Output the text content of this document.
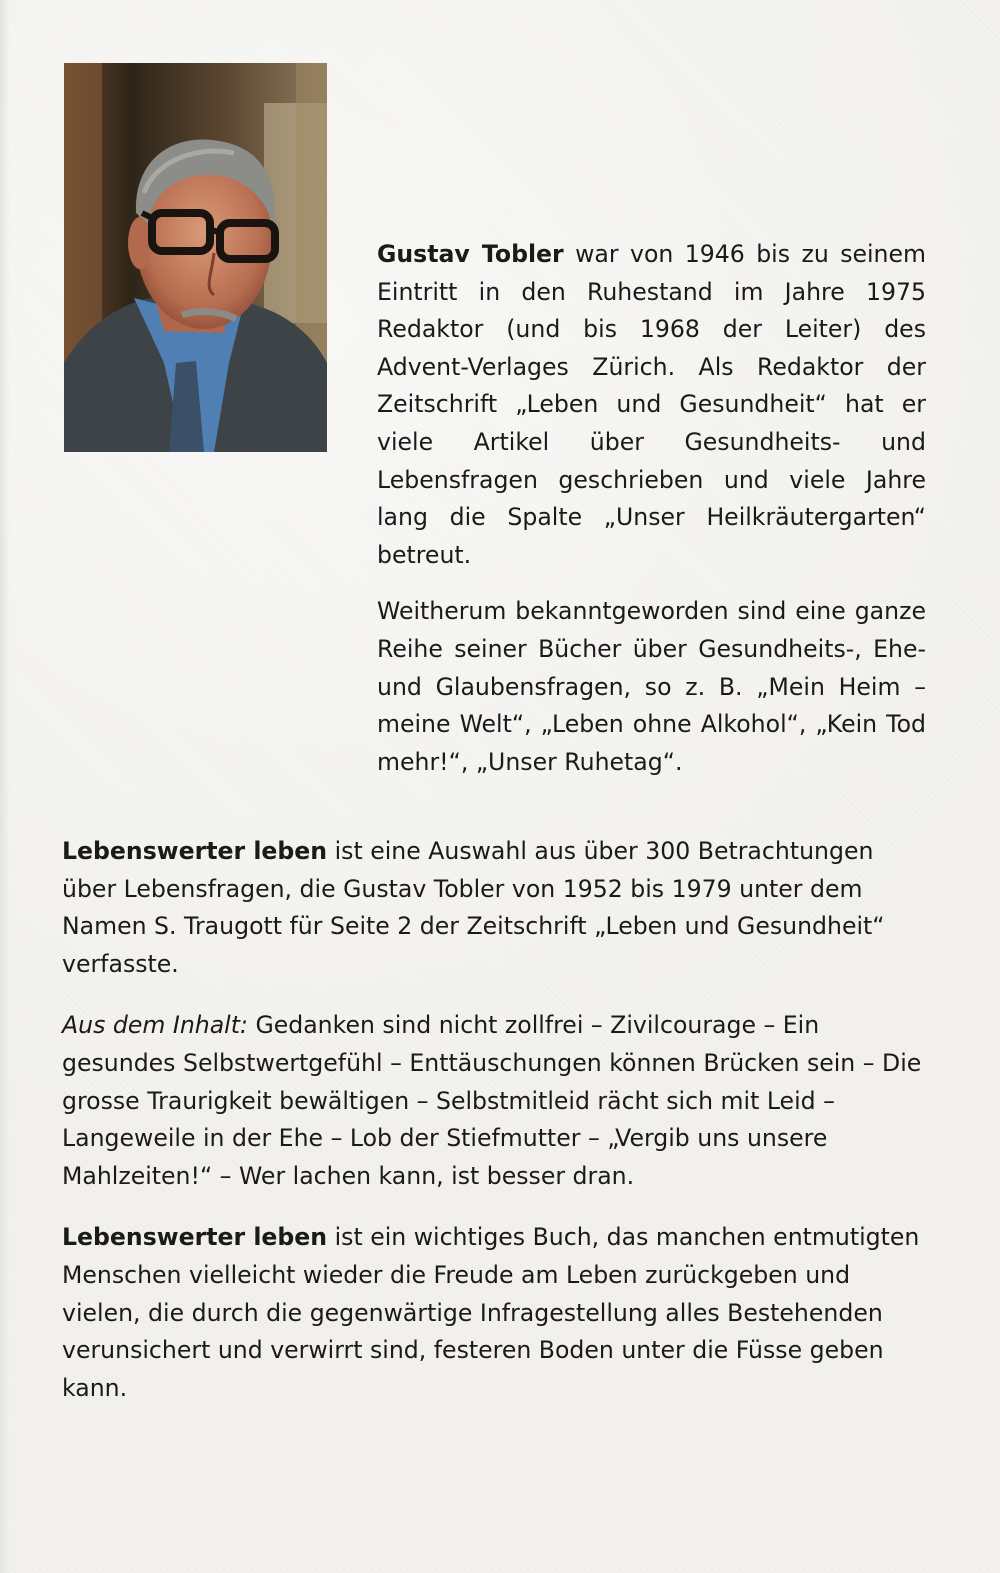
Gustav Tobler war von 1946 bis zu seinem Eintritt in den Ruhestand im Jahre 1975 Redaktor (und bis 1968 der Leiter) des Advent-Verlages Zürich. Als Redaktor der Zeitschrift „Leben und Gesundheit“ hat er viele Artikel über Gesundheits- und Lebensfragen geschrieben und viele Jahre lang die Spalte „Unser Heilkräutergarten“ betreut.

Weitherum bekanntgeworden sind eine ganze Reihe seiner Bücher über Gesundheits-, Ehe- und Glaubensfragen, so z. B. „Mein Heim – meine Welt“, „Leben ohne Alkohol“, „Kein Tod mehr!“, „Unser Ruhetag“.

Lebenswerter leben ist eine Auswahl aus über 300 Betrachtungen über Lebensfragen, die Gustav Tobler von 1952 bis 1979 unter dem Namen S. Traugott für Seite 2 der Zeitschrift „Leben und Gesundheit“ verfasste.

Aus dem Inhalt: Gedanken sind nicht zollfrei – Zivilcourage – Ein gesundes Selbstwertgefühl – Enttäuschungen können Brücken sein – Die grosse Traurigkeit bewältigen – Selbstmitleid rächt sich mit Leid – Langeweile in der Ehe – Lob der Stiefmutter – „Vergib uns unsere Mahlzeiten!“ – Wer lachen kann, ist besser dran.

Lebenswerter leben ist ein wichtiges Buch, das manchen entmutigten Menschen vielleicht wieder die Freude am Leben zurückgeben und vielen, die durch die gegenwärtige Infragestellung alles Bestehenden verunsichert und verwirrt sind, festeren Boden unter die Füsse geben kann.
